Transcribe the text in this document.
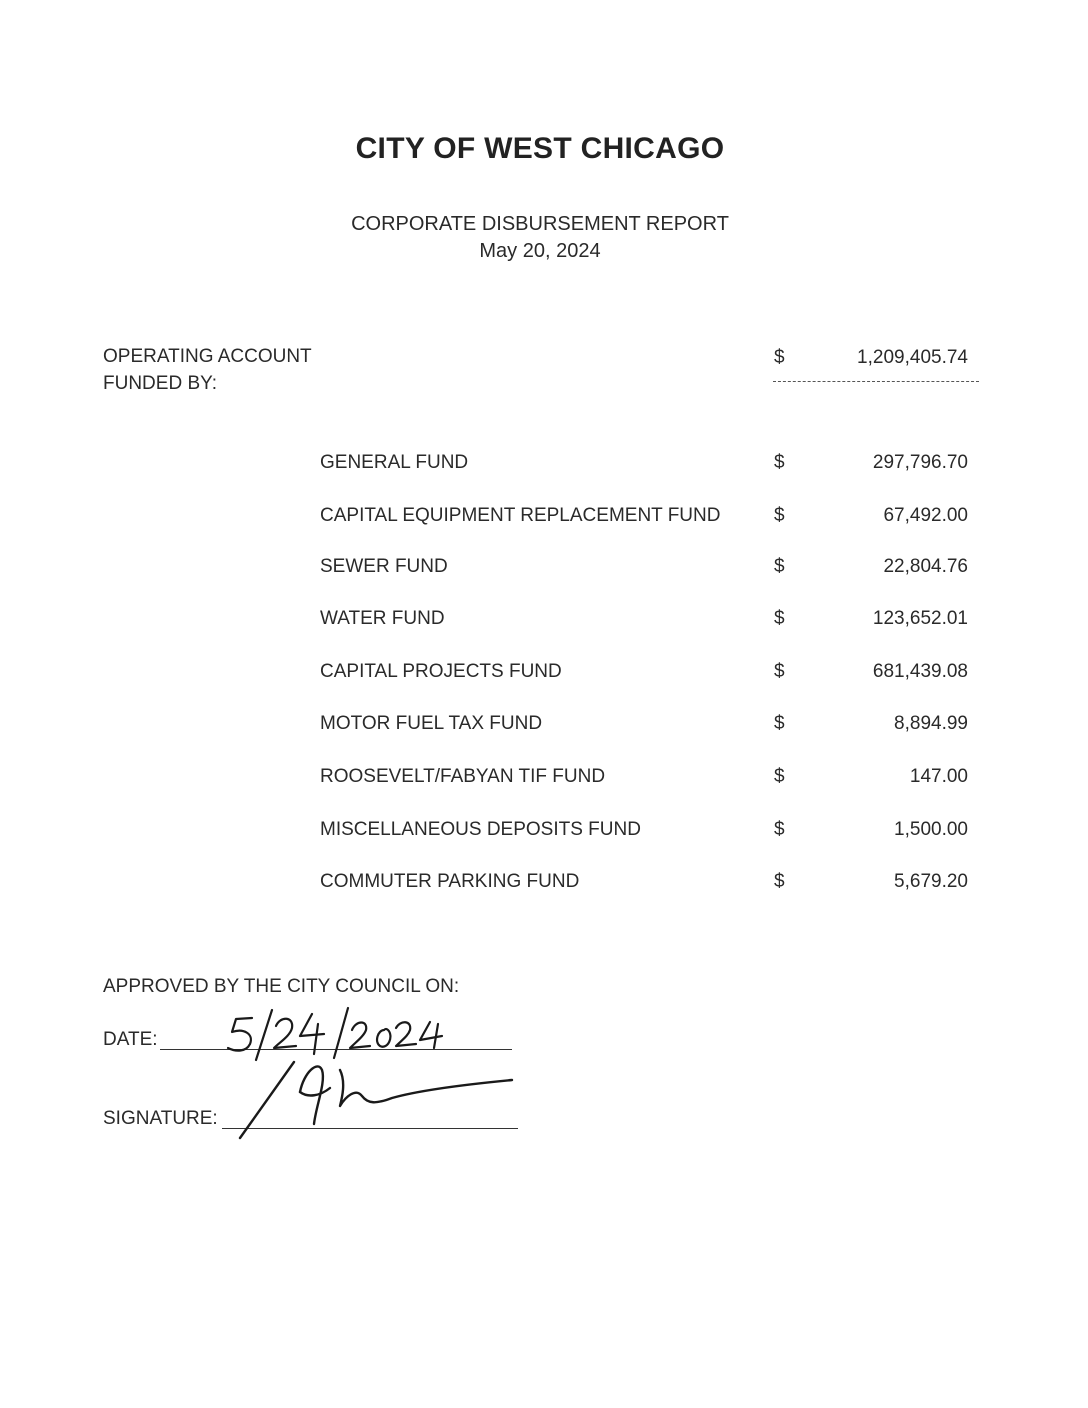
CITY OF WEST CHICAGO
CORPORATE DISBURSEMENT REPORT
May 20, 2024
OPERATING ACCOUNT	$	1,209,405.74
FUNDED BY:
GENERAL FUND	$	297,796.70
CAPITAL EQUIPMENT REPLACEMENT FUND	$	67,492.00
SEWER FUND	$	22,804.76
WATER FUND	$	123,652.01
CAPITAL PROJECTS FUND	$	681,439.08
MOTOR FUEL TAX FUND	$	8,894.99
ROOSEVELT/FABYAN TIF FUND	$	147.00
MISCELLANEOUS DEPOSITS FUND	$	1,500.00
COMMUTER PARKING FUND	$	5,679.20
APPROVED BY THE CITY COUNCIL ON:
DATE:
SIGNATURE:
